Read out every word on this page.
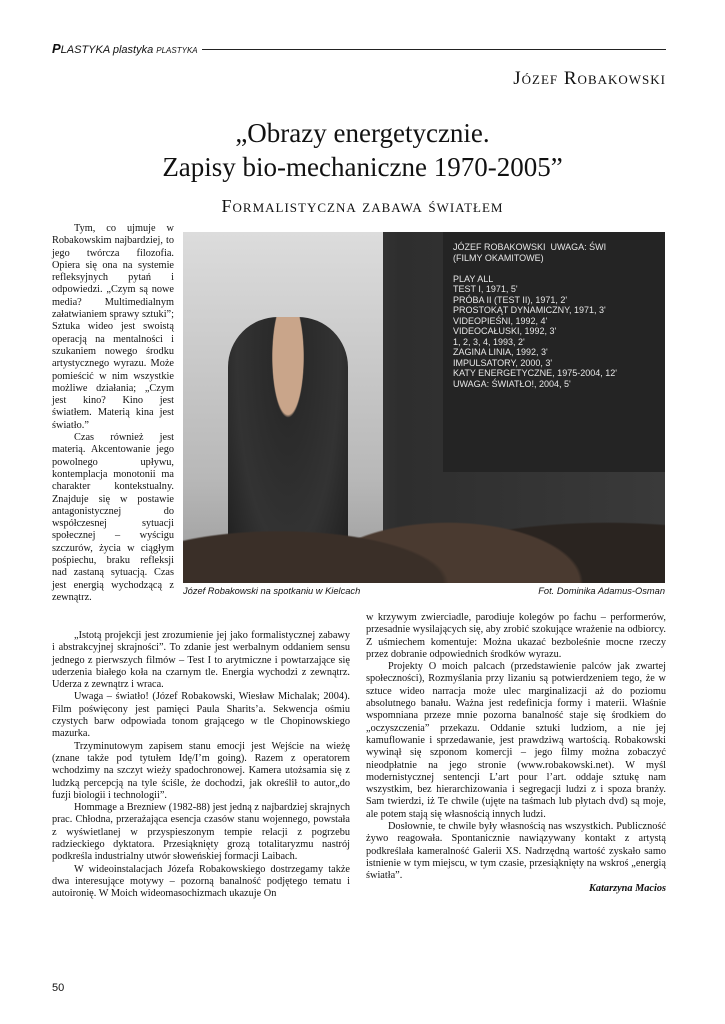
PLASTYKA plastyka PLASTYKA
Józef Robakowski
„Obrazy energetycznie.
Zapisy bio-mechaniczne 1970-2005”
Formalistyczna zabawa światłem

Tym, co ujmuje w Robakowskim najbardziej, to jego twórcza filozofia. Opiera się ona na systemie refleksyjnych pytań i odpowiedzi. „Czym są nowe media? Multimedialnym załatwianiem sprawy sztuki”; Sztuka wideo jest swoistą operacją na mentalności i szukaniem nowego środku artystycznego wyrazu. Może pomieścić w nim wszystkie możliwe działania; „Czym jest kino? Kino jest światłem. Materią kina jest światło.”

Czas również jest materią. Akcentowanie jego powolnego upływu, kontemplacja monotonii ma charakter kontekstualny. Znajduje się w postawie antagonistycznej do współczesnej sytuacji społecznej – wyścigu szczurów, życia w ciągłym pośpiechu, braku refleksji nad zastaną sytuacją. Czas jest energią wychodzącą z zewnątrz.

JÓZEF ROBAKOWSKI  UWAGA: ŚWI
(FILMY OKAMITOWE)

PLAY ALL
TEST I, 1971, 5'
PRÓBA II (TEST II), 1971, 2'
PROSTOKĄT DYNAMICZNY, 1971, 3'
VIDEOPIEŚNI, 1992, 4'
VIDEOCAŁUSKI, 1992, 3'
1, 2, 3, 4, 1993, 2'
ZAGINA LINIA, 1992, 3'
IMPULSATORY, 2000, 3'
KATY ENERGETYCZNE, 1975-2004, 12'
UWAGA: ŚWIATŁO!, 2004, 5'
Józef Robakowski na spotkaniu w Kielcach	Fot. Dominika Adamus-Osman

„Istotą projekcji jest zrozumienie jej jako formalistycznej zabawy i abstrakcyjnej skrajności”. To zdanie jest werbalnym oddaniem sensu jednego z pierwszych filmów – Test I to arytmiczne i powtarzające się uderzenia białego koła na czarnym tle. Energia wychodzi z zewnątrz. Uderza z zewnątrz i wraca.

Uwaga – światło! (Józef Robakowski, Wiesław Michalak; 2004). Film poświęcony jest pamięci Paula Sharits’a. Sekwencja ośmiu czystych barw odpowiada tonom grającego w tle Chopinowskiego mazurka.

Trzyminutowym zapisem stanu emocji jest Wejście na wieżę (znane także pod tytułem Idę/I’m going). Razem z operatorem wchodzimy na szczyt wieży spadochronowej. Kamera utożsamia się z ludzką percepcją na tyle ściśle, że dochodzi, jak określił to autor„do fuzji biologii i technologii”.

Hommage a Brezniew (1982-88) jest jedną z najbardziej skrajnych prac. Chłodna, przerażająca esencja czasów stanu wojennego, powstała z wyświetlanej w przyspieszonym tempie relacji z pogrzebu radzieckiego dyktatora. Przesiąknięty grozą totalitaryzmu nastrój podkreśla industrialny utwór słoweńskiej formacji Laibach.

W wideoinstalacjach Józefa Robakowskiego dostrzegamy także dwa interesujące motywy – pozorną banalność podjętego tematu i autoironię. W Moich wideomasochizmach ukazuje On

w krzywym zwierciadle, parodiuje kolegów po fachu – performerów, przesadnie wysilających się, aby zrobić szokujące wrażenie na odbiorcy. Z uśmiechem komentuje: Można ukazać bezboleśnie mocne rzeczy przez dobranie odpowiednich środków wyrazu.

Projekty O moich palcach (przedstawienie palców jak zwartej społeczności), Rozmyślania przy lizaniu są potwierdzeniem tego, że w sztuce wideo narracja może ulec marginalizacji aż do poziomu absolutnego banału. Ważna jest redefinicja formy i materii. Właśnie wspomniana przeze mnie pozorna banalność staje się środkiem do „oczyszczenia” przekazu. Oddanie sztuki ludziom, a nie jej kamuflowanie i sprzedawanie, jest prawdziwą wartością. Robakowski wywinął się szponom komercji – jego filmy można zobaczyć nieodpłatnie na jego stronie (www.robakowski.net). W myśl modernistycznej sentencji L’art pour l’art. oddaje sztukę nam wszystkim, bez hierarchizowania i segregacji ludzi z i spoza branży. Sam twierdzi, iż Te chwile (ujęte na taśmach lub płytach dvd) są moje, ale potem stają się własnością innych ludzi.

Dosłownie, te chwile były własnością nas wszystkich. Publiczność żywo reagowała. Spontanicznie nawiązywany kontakt z artystą podkreślała kameralność Galerii XS. Nadrzędną wartość zyskało samo istnienie w tym miejscu, w tym czasie, przesiąknięty na wskroś „energią światła”.

Katarzyna Macios

50
